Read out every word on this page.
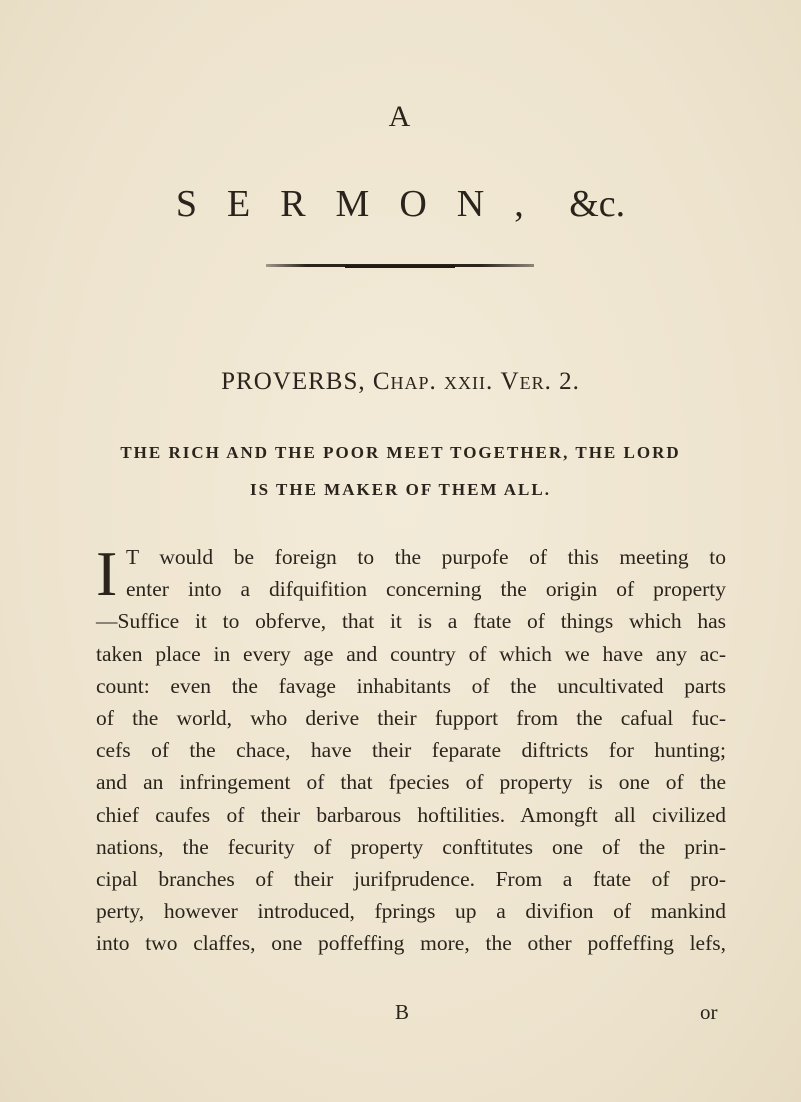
A
SERMON, &c.
PROVERBS, Chap. xxii. Ver. 2.
THE RICH AND THE POOR MEET TOGETHER, THE LORD
IS THE MAKER OF THEM ALL.
I T would be foreign to the purpofe of this meeting to
enter into a difquifition concerning the origin of property
—Suffice it to obferve, that it is a ftate of things which has
taken place in every age and country of which we have any ac-
count: even the favage inhabitants of the uncultivated parts
of the world, who derive their fupport from the cafual fuc-
cefs of the chace, have their feparate diftricts for hunting;
and an infringement of that fpecies of property is one of the
chief caufes of their barbarous hoftilities. Amongft all civilized
nations, the fecurity of property conftitutes one of the prin-
cipal branches of their jurifprudence. From a ftate of pro-
perty, however introduced, fprings up a divifion of mankind
into two claffes, one poffeffing more, the other poffeffing lefs,
B	or
